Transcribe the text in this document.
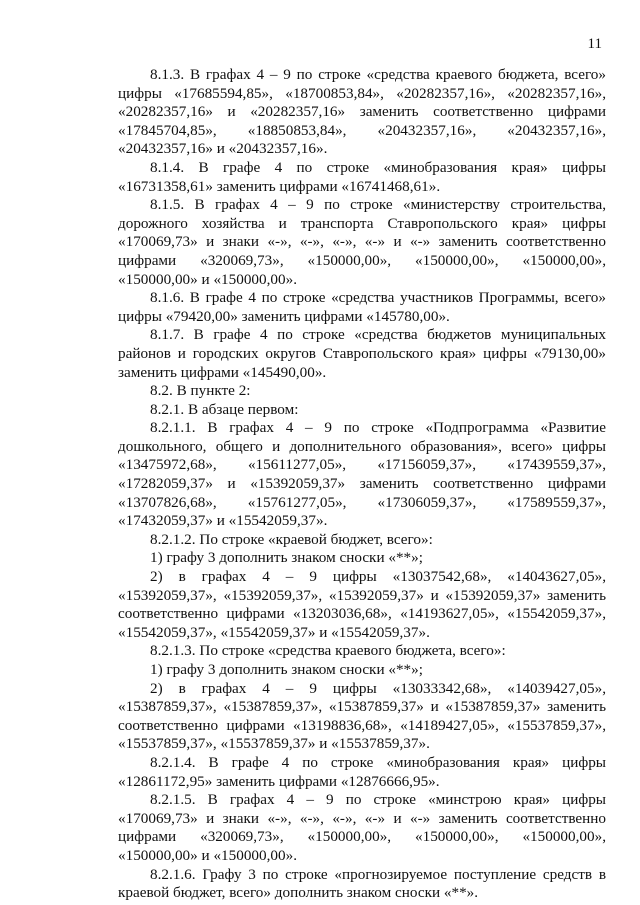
11

8.1.3. В графах 4 – 9 по строке «средства краевого бюджета, всего» цифры «17685594,85», «18700853,84», «20282357,16», «20282357,16», «20282357,16» и «20282357,16» заменить соответственно цифрами «17845704,85», «18850853,84», «20432357,16», «20432357,16», «20432357,16» и «20432357,16».

8.1.4. В графе 4 по строке «минобразования края» цифры «16731358,61» заменить цифрами «16741468,61».

8.1.5. В графах 4 – 9 по строке «министерству строительства, дорожного хозяйства и транспорта Ставропольского края» цифры «170069,73» и знаки «-», «-», «-», «-» и «-» заменить соответственно цифрами «320069,73», «150000,00», «150000,00», «150000,00», «150000,00» и «150000,00».

8.1.6. В графе 4 по строке «средства участников Программы, всего» цифры «79420,00» заменить цифрами «145780,00».

8.1.7. В графе 4 по строке «средства бюджетов муниципальных районов и городских округов Ставропольского края» цифры «79130,00» заменить цифрами «145490,00».

8.2. В пункте 2:

8.2.1. В абзаце первом:

8.2.1.1. В графах 4 – 9 по строке «Подпрограмма «Развитие дошкольного, общего и дополнительного образования», всего» цифры «13475972,68», «15611277,05», «17156059,37», «17439559,37», «17282059,37» и «15392059,37» заменить соответственно цифрами «13707826,68», «15761277,05», «17306059,37», «17589559,37», «17432059,37» и «15542059,37».

8.2.1.2. По строке «краевой бюджет, всего»:

1) графу 3 дополнить знаком сноски «**»;

2) в графах 4 – 9 цифры «13037542,68», «14043627,05», «15392059,37», «15392059,37», «15392059,37» и «15392059,37» заменить соответственно цифрами «13203036,68», «14193627,05», «15542059,37», «15542059,37», «15542059,37» и «15542059,37».

8.2.1.3. По строке «средства краевого бюджета, всего»:

1) графу 3 дополнить знаком сноски «**»;

2) в графах 4 – 9 цифры «13033342,68», «14039427,05», «15387859,37», «15387859,37», «15387859,37» и «15387859,37» заменить соответственно цифрами «13198836,68», «14189427,05», «15537859,37», «15537859,37», «15537859,37» и «15537859,37».

8.2.1.4. В графе 4 по строке «минобразования края» цифры «12861172,95» заменить цифрами «12876666,95».

8.2.1.5. В графах 4 – 9 по строке «минстрою края» цифры «170069,73» и знаки «-», «-», «-», «-» и «-» заменить соответственно цифрами «320069,73», «150000,00», «150000,00», «150000,00», «150000,00» и «150000,00».

8.2.1.6. Графу 3 по строке «прогнозируемое поступление средств в краевой бюджет, всего» дополнить знаком сноски «**».
